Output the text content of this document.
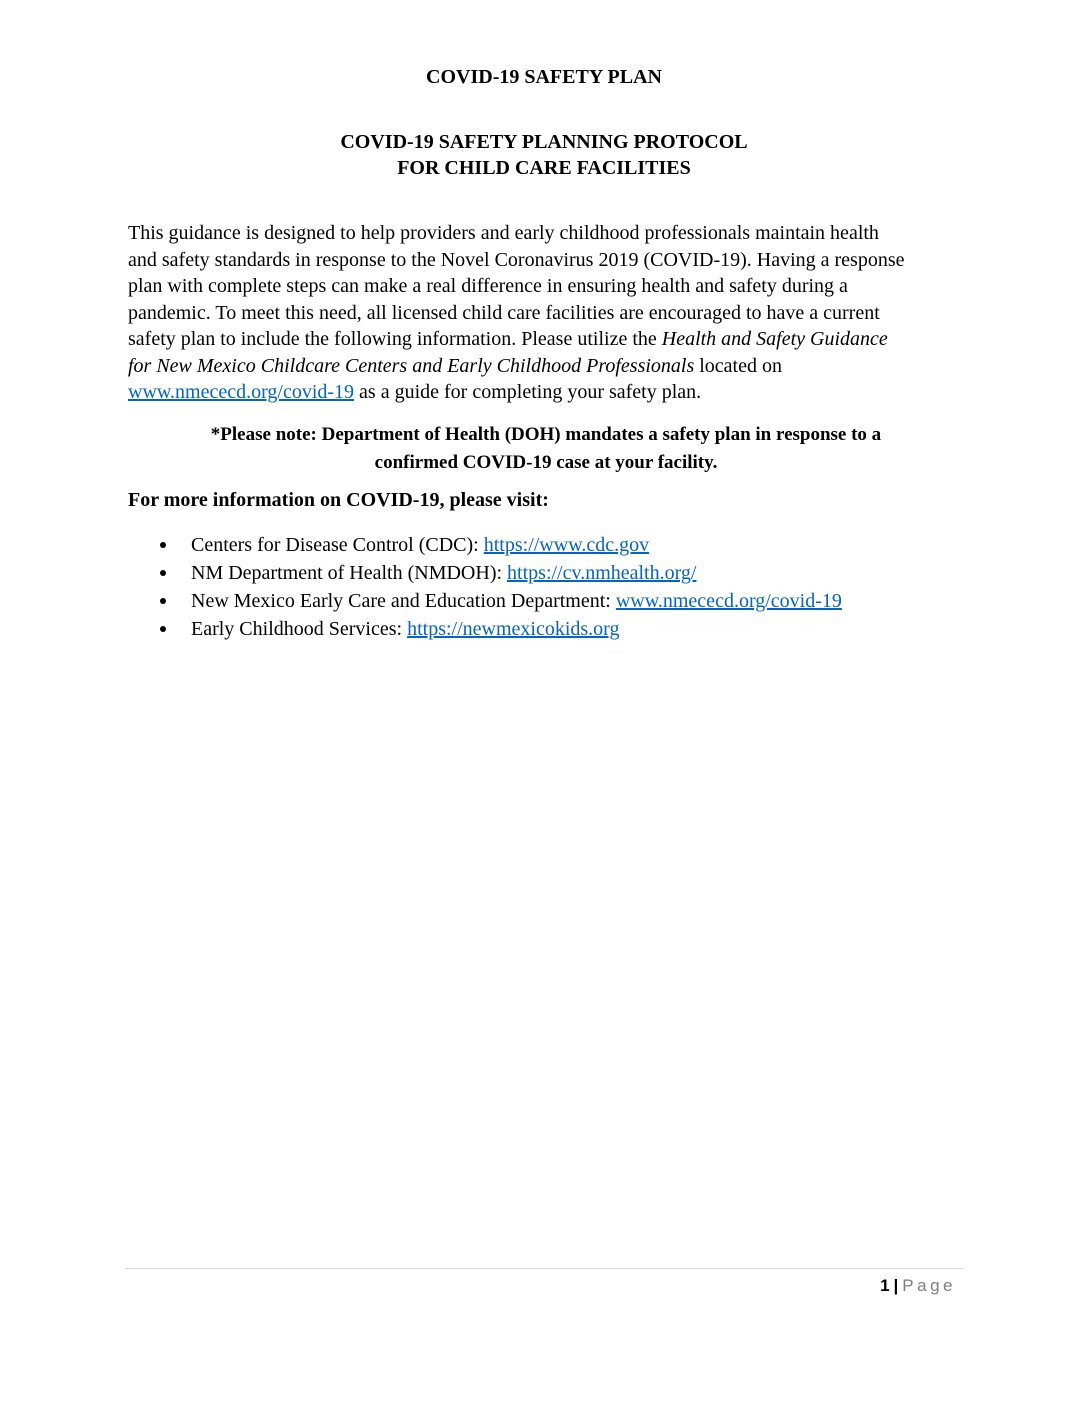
COVID-19 SAFETY PLAN
COVID-19 SAFETY PLANNING PROTOCOL
FOR CHILD CARE FACILITIES
This guidance is designed to help providers and early childhood professionals maintain health
and safety standards in response to the Novel Coronavirus 2019 (COVID-19). Having a response
plan with complete steps can make a real difference in ensuring health and safety during a
pandemic. To meet this need, all licensed child care facilities are encouraged to have a current
safety plan to include the following information. Please utilize the Health and Safety Guidance
for New Mexico Childcare Centers and Early Childhood Professionals located on
www.nmececd.org/covid-19 as a guide for completing your safety plan.
*Please note: Department of Health (DOH) mandates a safety plan in response to a
confirmed COVID-19 case at your facility.
For more information on COVID-19, please visit:
Centers for Disease Control (CDC): https://www.cdc.gov
NM Department of Health (NMDOH): https://cv.nmhealth.org/
New Mexico Early Care and Education Department: www.nmececd.org/covid-19
Early Childhood Services: https://newmexicokids.org
1 | Page
